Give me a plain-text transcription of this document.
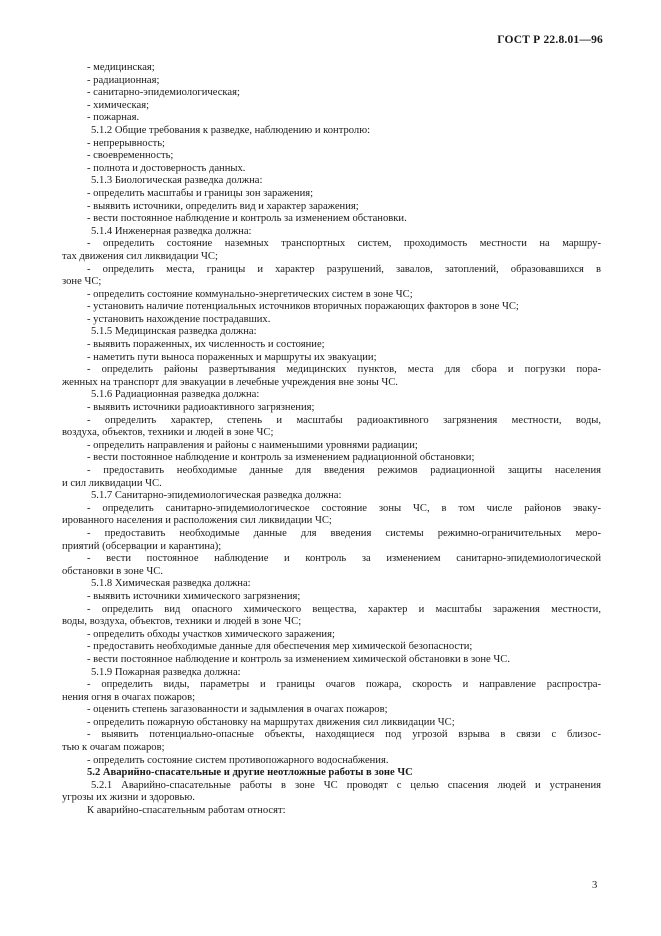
ГОСТ Р 22.8.01—96
- медицинская;
- радиационная;
- санитарно-эпидемиологическая;
- химическая;
- пожарная.
5.1.2 Общие требования к разведке, наблюдению и контролю:
- непрерывность;
- своевременность;
- полнота и достоверность данных.
5.1.3 Биологическая разведка должна:
- определить масштабы и границы зон заражения;
- выявить источники, определить вид и характер заражения;
- вести постоянное наблюдение и контроль за изменением обстановки.
5.1.4 Инженерная разведка должна:
- определить состояние наземных транспортных систем, проходимость местности на маршру-
тах движения сил ликвидации ЧС;
- определить места, границы и характер разрушений, завалов, затоплений, образовавшихся в
зоне ЧС;
- определить состояние коммунально-энергетических систем в зоне ЧС;
- установить наличие потенциальных источников вторичных поражающих факторов в зоне ЧС;
- установить нахождение пострадавших.
5.1.5 Медицинская разведка должна:
- выявить пораженных, их численность и состояние;
- наметить пути выноса пораженных и маршруты их эвакуации;
- определить районы развертывания медицинских пунктов, места для сбора и погрузки пора-
женных на транспорт для эвакуации в лечебные учреждения вне зоны ЧС.
5.1.6 Радиационная разведка должна:
- выявить источники радиоактивного загрязнения;
- определить характер, степень и масштабы радиоактивного загрязнения местности, воды,
воздуха, объектов, техники и людей в зоне ЧС;
- определить направления и районы с наименьшими уровнями радиации;
- вести постоянное наблюдение и контроль за изменением радиационной обстановки;
- предоставить необходимые данные для введения режимов радиационной защиты населения
и сил ликвидации ЧС.
5.1.7 Санитарно-эпидемиологическая разведка должна:
- определить санитарно-эпидемиологическое состояние зоны ЧС, в том числе районов эваку-
ированного населения и расположения сил ликвидации ЧС;
- предоставить необходимые данные для введения системы режимно-ограничительных меро-
приятий (обсервации и карантина);
- вести постоянное наблюдение и контроль за изменением санитарно-эпидемиологической
обстановки в зоне ЧС.
5.1.8 Химическая разведка должна:
- выявить источники химического загрязнения;
- определить вид опасного химического вещества, характер и масштабы заражения местности,
воды, воздуха, объектов, техники и людей в зоне ЧС;
- определить обходы участков химического заражения;
- предоставить необходимые данные для обеспечения мер химической безопасности;
- вести постоянное наблюдение и контроль за изменением химической обстановки в зоне ЧС.
5.1.9 Пожарная разведка должна:
- определить виды, параметры и границы очагов пожара, скорость и направление распростра-
нения огня в очагах пожаров;
- оценить степень загазованности и задымления в очагах пожаров;
- определить пожарную обстановку на маршрутах движения сил ликвидации ЧС;
- выявить потенциально-опасные объекты, находящиеся под угрозой взрыва в связи с близос-
тью к очагам пожаров;
- определить состояние систем противопожарного водоснабжения.
5.2 Аварийно-спасательные и другие неотложные работы в зоне ЧС
5.2.1 Аварийно-спасательные работы в зоне ЧС проводят с целью спасения людей и устранения
угрозы их жизни и здоровью.
К аварийно-спасательным работам относят:
3
